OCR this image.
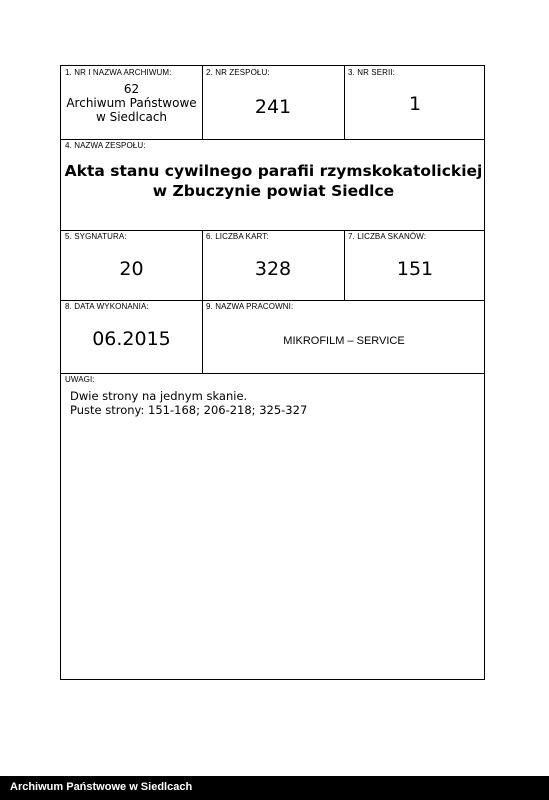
1. NR I NAZWA ARCHIWUM:
62
Archiwum Państwowe
w Siedlcach
2. NR ZESPOŁU:
241
3. NR SERII:
1
4. NAZWA ZESPOŁU:
Akta stanu cywilnego parafii rzymskokatolickiej
w Zbuczynie powiat Siedlce
5. SYGNATURA:
20
6. LICZBA KART:
328
7. LICZBA SKANÓW:
151
8. DATA WYKONANIA:
06.2015
9. NAZWA PRACOWNI:
MIKROFILM – SERVICE
UWAGI:
Dwie strony na jednym skanie.
Puste strony: 151-168; 206-218; 325-327
Archiwum Państwowe w Siedlcach
